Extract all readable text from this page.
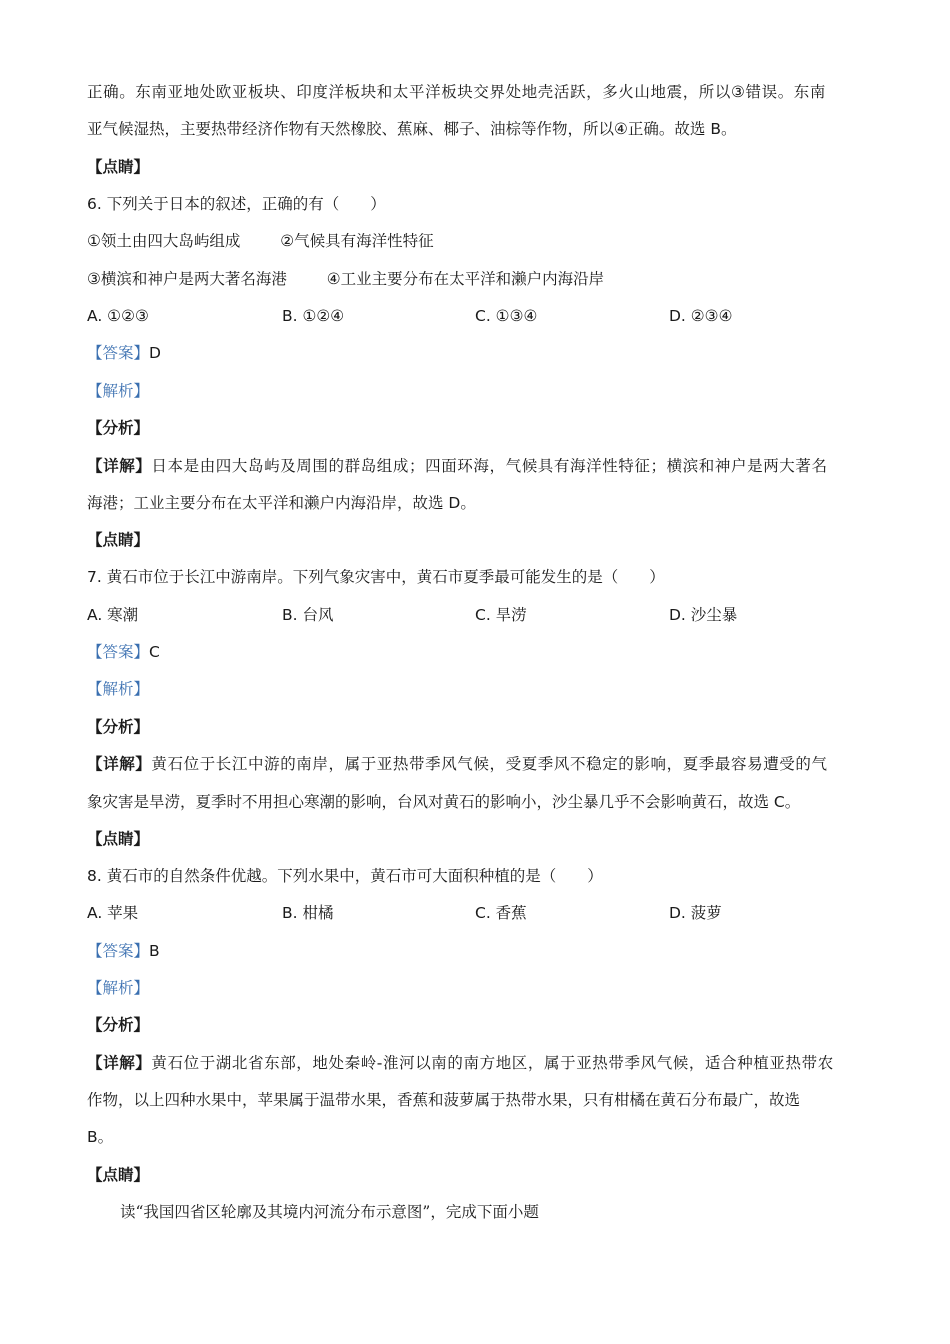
正确。东南亚地处欧亚板块、印度洋板块和太平洋板块交界处地壳活跃，多火山地震，所以③错误。东南
亚气候湿热，主要热带经济作物有天然橡胶、蕉麻、椰子、油棕等作物，所以④正确。故选 B。
【点睛】
6. 下列关于日本的叙述，正确的有（　　）
①领土由四大岛屿组成	②气候具有海洋性特征
③横滨和神户是两大著名海港	④工业主要分布在太平洋和濑户内海沿岸
A. ①②③	B. ①②④	C. ①③④	D. ②③④
【答案】D
【解析】
【分析】
【详解】日本是由四大岛屿及周围的群岛组成；四面环海，气候具有海洋性特征；横滨和神户是两大著名
海港；工业主要分布在太平洋和濑户内海沿岸，故选 D。
【点睛】
7. 黄石市位于长江中游南岸。下列气象灾害中，黄石市夏季最可能发生的是（　　）
A. 寒潮	B. 台风	C. 旱涝	D. 沙尘暴
【答案】C
【解析】
【分析】
【详解】黄石位于长江中游的南岸，属于亚热带季风气候，受夏季风不稳定的影响，夏季最容易遭受的气
象灾害是旱涝，夏季时不用担心寒潮的影响，台风对黄石的影响小，沙尘暴几乎不会影响黄石，故选 C。
【点睛】
8. 黄石市的自然条件优越。下列水果中，黄石市可大面积种植的是（　　）
A. 苹果	B. 柑橘	C. 香蕉	D. 菠萝
【答案】B
【解析】
【分析】
【详解】黄石位于湖北省东部，地处秦岭-淮河以南的南方地区，属于亚热带季风气候，适合种植亚热带农
作物，以上四种水果中，苹果属于温带水果，香蕉和菠萝属于热带水果，只有柑橘在黄石分布最广，故选
B。
【点睛】
读“我国四省区轮廓及其境内河流分布示意图”，完成下面小题
